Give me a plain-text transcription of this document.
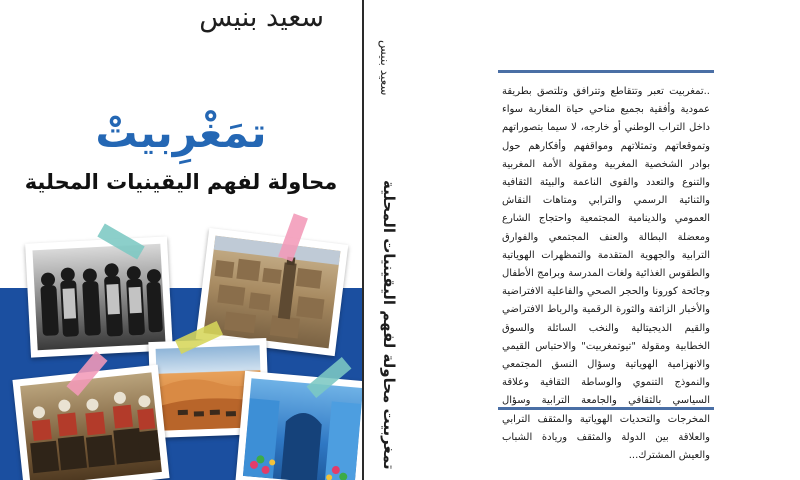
سعيد بنيس
تمَغْرِبيتْ
محاولة لفهم اليقينيات المحلية
سعيد بنيس
تمغربيت محاولة لفهم اليقينيات المحلية
..تمغربيت تعبر وتتقاطع وتترافق وتلتصق بطريقة عمودية وأفقية بجميع مناحي حياة المغاربة سواء داخل التراب الوطني أو خارجه، لا سيما بتصوراتهم وتموقعاتهم وتمثلاتهم ومواقفهم وأفكارهم حول بوادر الشخصية المغربية ومقولة الأمة المغربية والتنوع والتعدد والقوى الناعمة والبيئة الثقافية والثنائية الرسمي والترابي ومتاهات النقاش العمومي والدينامية المجتمعية واحتجاج الشارع ومعضلة البطالة والعنف المجتمعي والفوارق الترابية والجهوية المتقدمة والتمظهرات الهوياتية والطقوس الغذائية ولغات المدرسة وبرامج الأطفال وجائحة كورونا والحجر الصحي والفاعلية الافتراضية والأخبار الزائفة والثورة الرقمية والرباط الافتراضي والقيم الديجيتالية والنخب السائلة والسوق الخطابية ومقولة "تيوتمغربيت" والاحتباس القيمي والانهزامية الهوياتية وسؤال النسق المجتمعي والنموذج التنموي والوساطة الثقافية وعلاقة السياسي بالثقافي والجامعة الترابية وسؤال المخرجات والتحديات الهوياتية والمثقف الترابي والعلاقة بين الدولة والمثقف وريادة الشباب والعيش المشترك...
